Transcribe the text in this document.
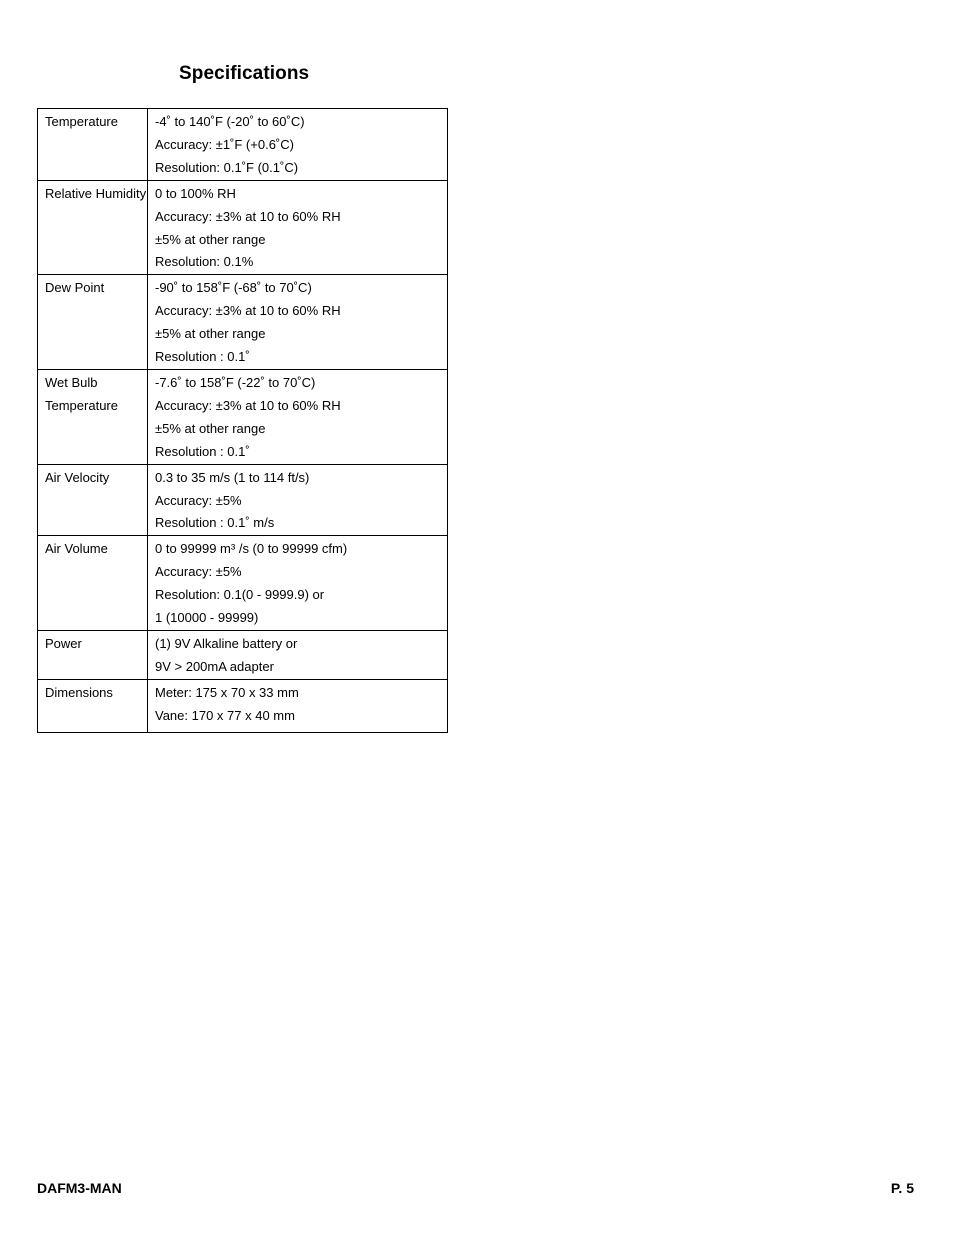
Specifications
Temperature	-4˚ to 140˚F (-20˚ to 60˚C)
Accuracy: ±1˚F (+0.6˚C)
Resolution: 0.1˚F (0.1˚C)

Relative Humidity	0 to 100% RH
Accuracy: ±3% at 10 to 60% RH
±5% at other range
Resolution: 0.1%

Dew Point	-90˚ to 158˚F (-68˚ to 70˚C)
Accuracy: ±3% at 10 to 60% RH
±5% at other range
Resolution : 0.1˚

Wet Bulb
Temperature	-7.6˚ to 158˚F (-22˚ to 70˚C)
Accuracy: ±3% at 10 to 60% RH
±5% at other range
Resolution : 0.1˚

Air Velocity	0.3 to 35 m/s (1 to 114 ft/s)
Accuracy: ±5%
Resolution : 0.1˚ m/s

Air Volume	0 to 99999 m³ /s (0 to 99999 cfm)
Accuracy: ±5%
Resolution: 0.1(0 - 9999.9) or
1 (10000 - 99999)

Power	(1) 9V Alkaline battery or
9V > 200mA adapter

Dimensions	Meter: 175 x 70 x 33 mm
Vane: 170 x 77 x 40 mm
DAFM3-MAN	P. 5
